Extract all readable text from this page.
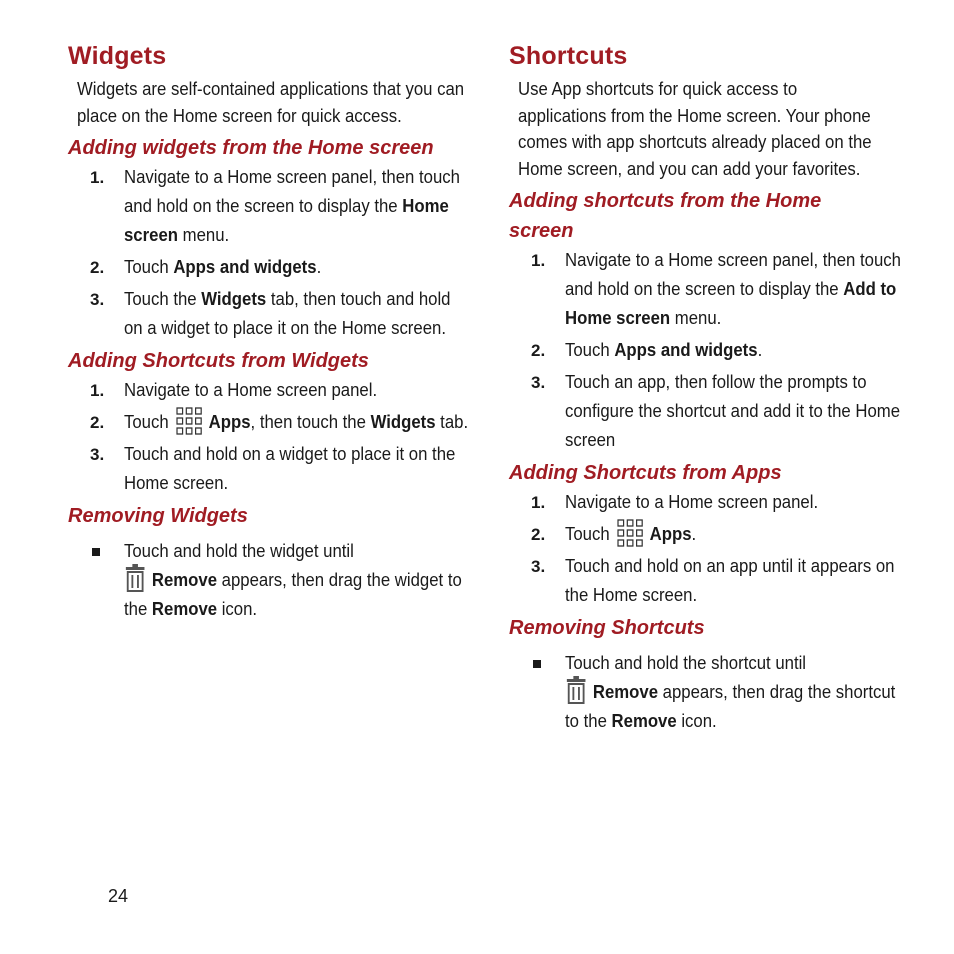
Widgets

Widgets are self-contained applications that you can place on the Home screen for quick access.

Adding widgets from the Home screen
1. Navigate to a Home screen panel, then touch and hold on the screen to display the Home screen menu.
2. Touch Apps and widgets.
3. Touch the Widgets tab, then touch and hold on a widget to place it on the Home screen.
Adding Shortcuts from Widgets
1. Navigate to a Home screen panel.
2. Touch Apps, then touch the Widgets tab.
3. Touch and hold on a widget to place it on the Home screen.
Removing Widgets
Touch and hold the widget until
Remove appears, then drag the widget to the Remove icon.
Shortcuts

Use App shortcuts for quick access to applications from the Home screen. Your phone comes with app shortcuts already placed on the Home screen, and you can add your favorites.

Adding shortcuts from the Home screen
1. Navigate to a Home screen panel, then touch and hold on the screen to display the Add to Home screen menu.
2. Touch Apps and widgets.
3. Touch an app, then follow the prompts to configure the shortcut and add it to the Home screen
Adding Shortcuts from Apps
1. Navigate to a Home screen panel.
2. Touch Apps.
3. Touch and hold on an app until it appears on the Home screen.
Removing Shortcuts
Touch and hold the shortcut until
Remove appears, then drag the shortcut to the Remove icon.
24
